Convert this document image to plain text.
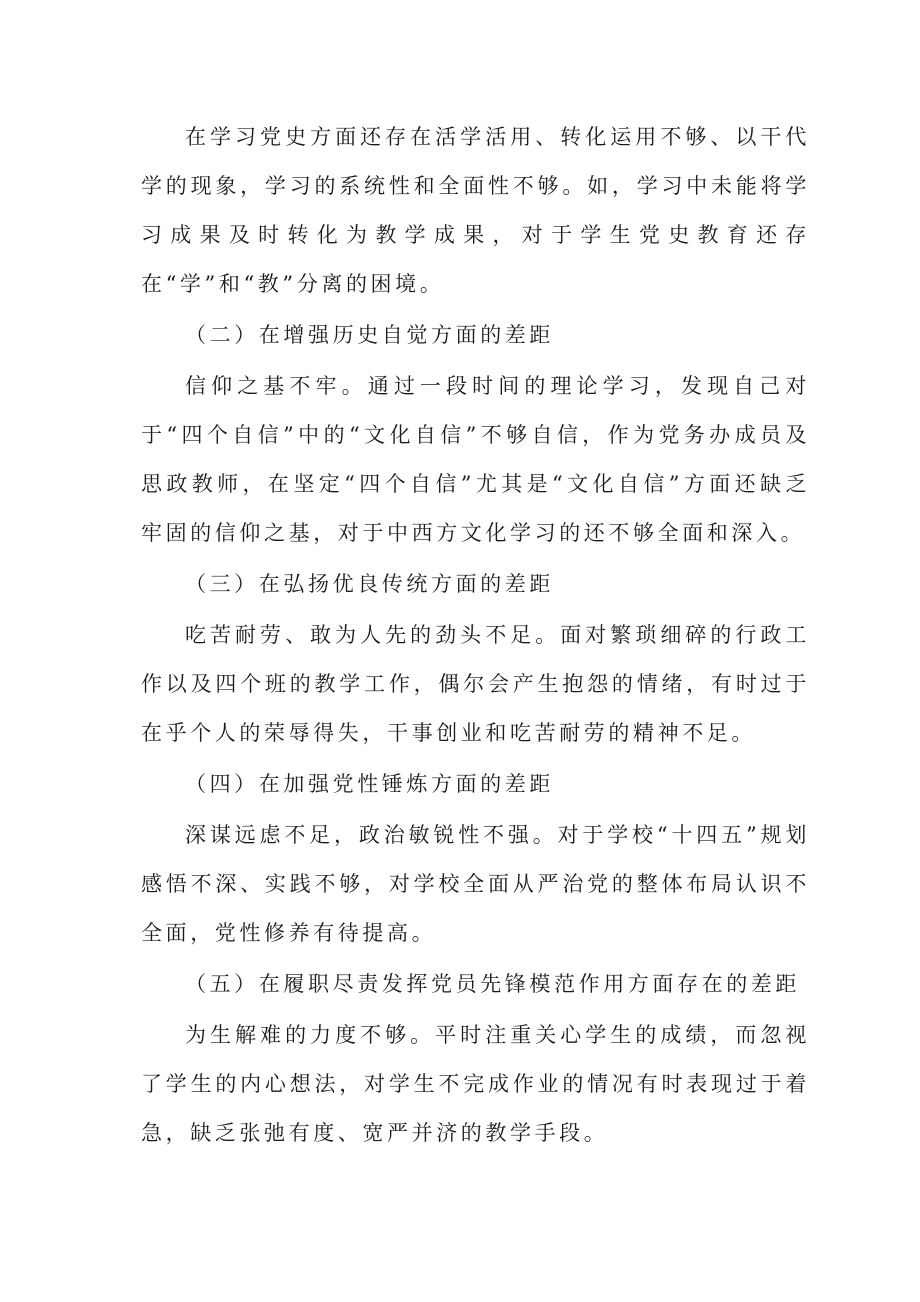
在学习党史方面还存在活学活用、转化运用不够、以干代学的现象，学习的系统性和全面性不够。如，学习中未能将学习成果及时转化为教学成果，对于学生党史教育还存在“学”和“教”分离的困境。

（二）在增强历史自觉方面的差距

信仰之基不牢。通过一段时间的理论学习，发现自己对于“四个自信”中的“文化自信”不够自信，作为党务办成员及思政教师，在坚定“四个自信”尤其是“文化自信”方面还缺乏牢固的信仰之基，对于中西方文化学习的还不够全面和深入。

（三）在弘扬优良传统方面的差距

吃苦耐劳、敢为人先的劲头不足。面对繁琐细碎的行政工作以及四个班的教学工作，偶尔会产生抱怨的情绪，有时过于在乎个人的荣辱得失，干事创业和吃苦耐劳的精神不足。

（四）在加强党性锤炼方面的差距

深谋远虑不足，政治敏锐性不强。对于学校“十四五”规划感悟不深、实践不够，对学校全面从严治党的整体布局认识不全面，党性修养有待提高。

（五）在履职尽责发挥党员先锋模范作用方面存在的差距

为生解难的力度不够。平时注重关心学生的成绩，而忽视了学生的内心想法，对学生不完成作业的情况有时表现过于着急，缺乏张弛有度、宽严并济的教学手段。
